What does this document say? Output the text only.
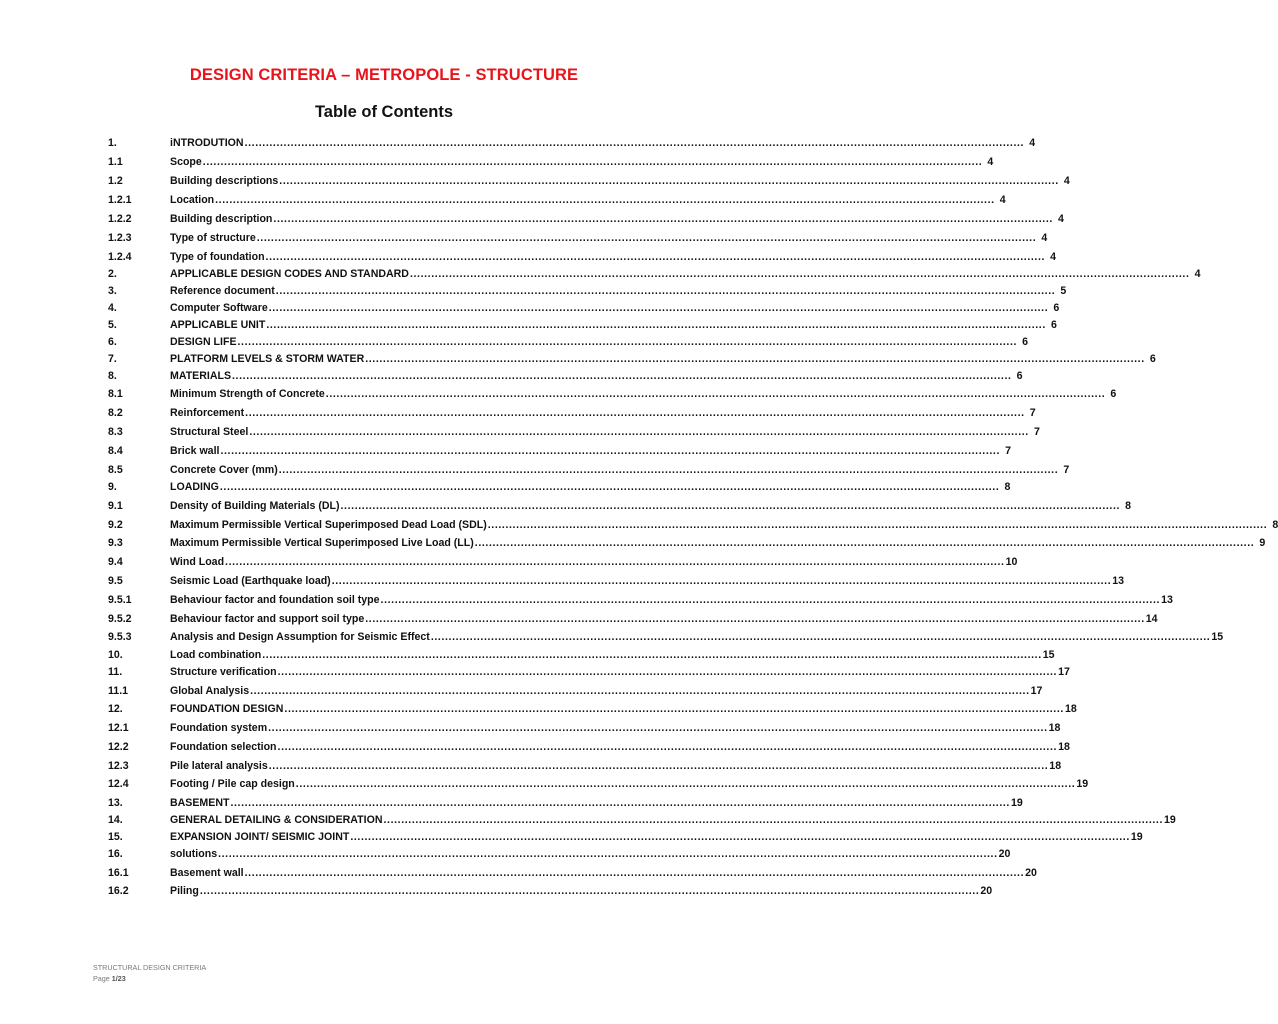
DESIGN CRITERIA – METROPOLE - STRUCTURE
Table of Contents
1.	iNTRODUTION ............................................................................................................................................................................................................................ 4
1.1	Scope ............................................................................................................................................................................................................................ 4
1.2	Building descriptions ............................................................................................................................................................................................................................ 4
1.2.1	Location ............................................................................................................................................................................................................................ 4
1.2.2	Building description ............................................................................................................................................................................................................................ 4
1.2.3	Type of structure ............................................................................................................................................................................................................................ 4
1.2.4	Type of foundation ............................................................................................................................................................................................................................ 4
2.	APPLICABLE DESIGN CODES AND STANDARD ............................................................................................................................................................................................................................ 4
3.	Reference document ............................................................................................................................................................................................................................ 5
4.	Computer Software ............................................................................................................................................................................................................................ 6
5.	APPLICABLE UNIT ............................................................................................................................................................................................................................ 6
6.	DESIGN LIFE ............................................................................................................................................................................................................................ 6
7.	PLATFORM LEVELS & STORM WATER ............................................................................................................................................................................................................................ 6
8.	MATERIALS ............................................................................................................................................................................................................................ 6
8.1	Minimum Strength of Concrete ............................................................................................................................................................................................................................ 6
8.2	Reinforcement ............................................................................................................................................................................................................................ 7
8.3	Structural Steel ............................................................................................................................................................................................................................ 7
8.4	Brick wall ............................................................................................................................................................................................................................ 7
8.5	Concrete Cover (mm) ............................................................................................................................................................................................................................ 7
9.	LOADING ............................................................................................................................................................................................................................ 8
9.1	Density of Building Materials (DL) ............................................................................................................................................................................................................................ 8
9.2	Maximum Permissible Vertical Superimposed Dead Load (SDL) ............................................................................................................................................................................................................................ 8
9.3	Maximum Permissible Vertical Superimposed Live Load (LL) ............................................................................................................................................................................................................................ 9
9.4	Wind Load ............................................................................................................................................................................................................................ 10
9.5	Seismic Load (Earthquake load) ............................................................................................................................................................................................................................ 13
9.5.1	Behaviour factor and foundation soil type ............................................................................................................................................................................................................................ 13
9.5.2	Behaviour factor and support soil type ............................................................................................................................................................................................................................ 14
9.5.3	Analysis and Design Assumption for Seismic Effect ............................................................................................................................................................................................................................ 15
10.	Load combination ............................................................................................................................................................................................................................ 15
11.	Structure verification ............................................................................................................................................................................................................................ 17
11.1	Global Analysis ............................................................................................................................................................................................................................ 17
12.	FOUNDATION DESIGN ............................................................................................................................................................................................................................ 18
12.1	Foundation system ............................................................................................................................................................................................................................ 18
12.2	Foundation selection ............................................................................................................................................................................................................................ 18
12.3	Pile lateral analysis ............................................................................................................................................................................................................................ 18
12.4	Footing / Pile cap design ............................................................................................................................................................................................................................ 19
13.	BASEMENT ............................................................................................................................................................................................................................ 19
14.	GENERAL DETAILING & CONSIDERATION ............................................................................................................................................................................................................................ 19
15.	EXPANSION JOINT/ SEISMIC JOINT ............................................................................................................................................................................................................................ 19
16.	solutions ............................................................................................................................................................................................................................ 20
16.1	Basement wall ............................................................................................................................................................................................................................ 20
16.2	Piling ............................................................................................................................................................................................................................ 20
STRUCTURAL DESIGN CRITERIA
Page 1/23
